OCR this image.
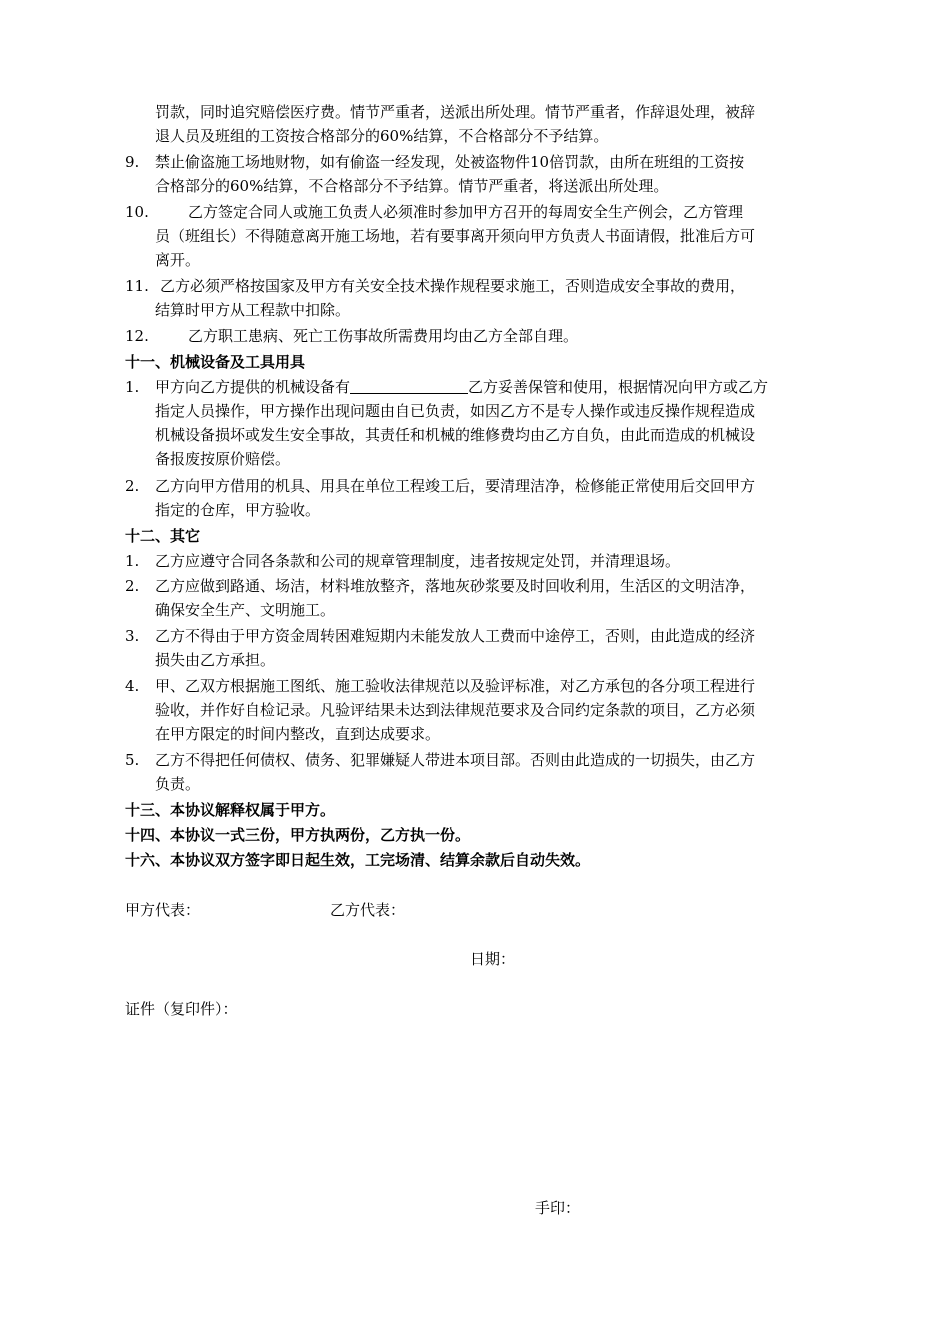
罚款，同时追究赔偿医疗费。情节严重者，送派出所处理。情节严重者，作辞退处理，被辞
退人员及班组的工资按合格部分的60%结算，不合格部分不予结算。
9. 禁止偷盗施工场地财物，如有偷盗一经发现，处被盗物件10倍罚款，由所在班组的工资按
合格部分的60%结算，不合格部分不予结算。情节严重者，将送派出所处理。
10.	乙方签定合同人或施工负责人必须准时参加甲方召开的每周安全生产例会，乙方管理
员（班组长）不得随意离开施工场地，若有要事离开须向甲方负责人书面请假，批准后方可
离开。
11. 乙方必须严格按国家及甲方有关安全技术操作规程要求施工，否则造成安全事故的费用，
结算时甲方从工程款中扣除。
12.	乙方职工患病、死亡工伤事故所需费用均由乙方全部自理。
十一、机械设备及工具用具
1. 甲方向乙方提供的机械设备有	乙方妥善保管和使用，根据情况向甲方或乙方
指定人员操作，甲方操作出现问题由自已负责，如因乙方不是专人操作或违反操作规程造成
机械设备损坏或发生安全事故，其责任和机械的维修费均由乙方自负，由此而造成的机械设
备报废按原价赔偿。
2. 乙方向甲方借用的机具、用具在单位工程竣工后，要清理洁净，检修能正常使用后交回甲方
指定的仓库，甲方验收。
十二、其它
1. 乙方应遵守合同各条款和公司的规章管理制度，违者按规定处罚，并清理退场。
2. 乙方应做到路通、场洁，材料堆放整齐，落地灰砂浆要及时回收利用，生活区的文明洁净，
确保安全生产、文明施工。
3. 乙方不得由于甲方资金周转困难短期内未能发放人工费而中途停工，否则，由此造成的经济
损失由乙方承担。
4. 甲、乙双方根据施工图纸、施工验收法律规范以及验评标准，对乙方承包的各分项工程进行
验收，并作好自检记录。凡验评结果未达到法律规范要求及合同约定条款的项目，乙方必须
在甲方限定的时间内整改，直到达成要求。
5. 乙方不得把任何债权、债务、犯罪嫌疑人带进本项目部。否则由此造成的一切损失，由乙方
负责。
十三、本协议解释权属于甲方。
十四、本协议一式三份，甲方执两份，乙方执一份。
十六、本协议双方签字即日起生效，工完场清、结算余款后自动失效。
甲方代表：	乙方代表：
日期：
证件（复印件）：
手印：
